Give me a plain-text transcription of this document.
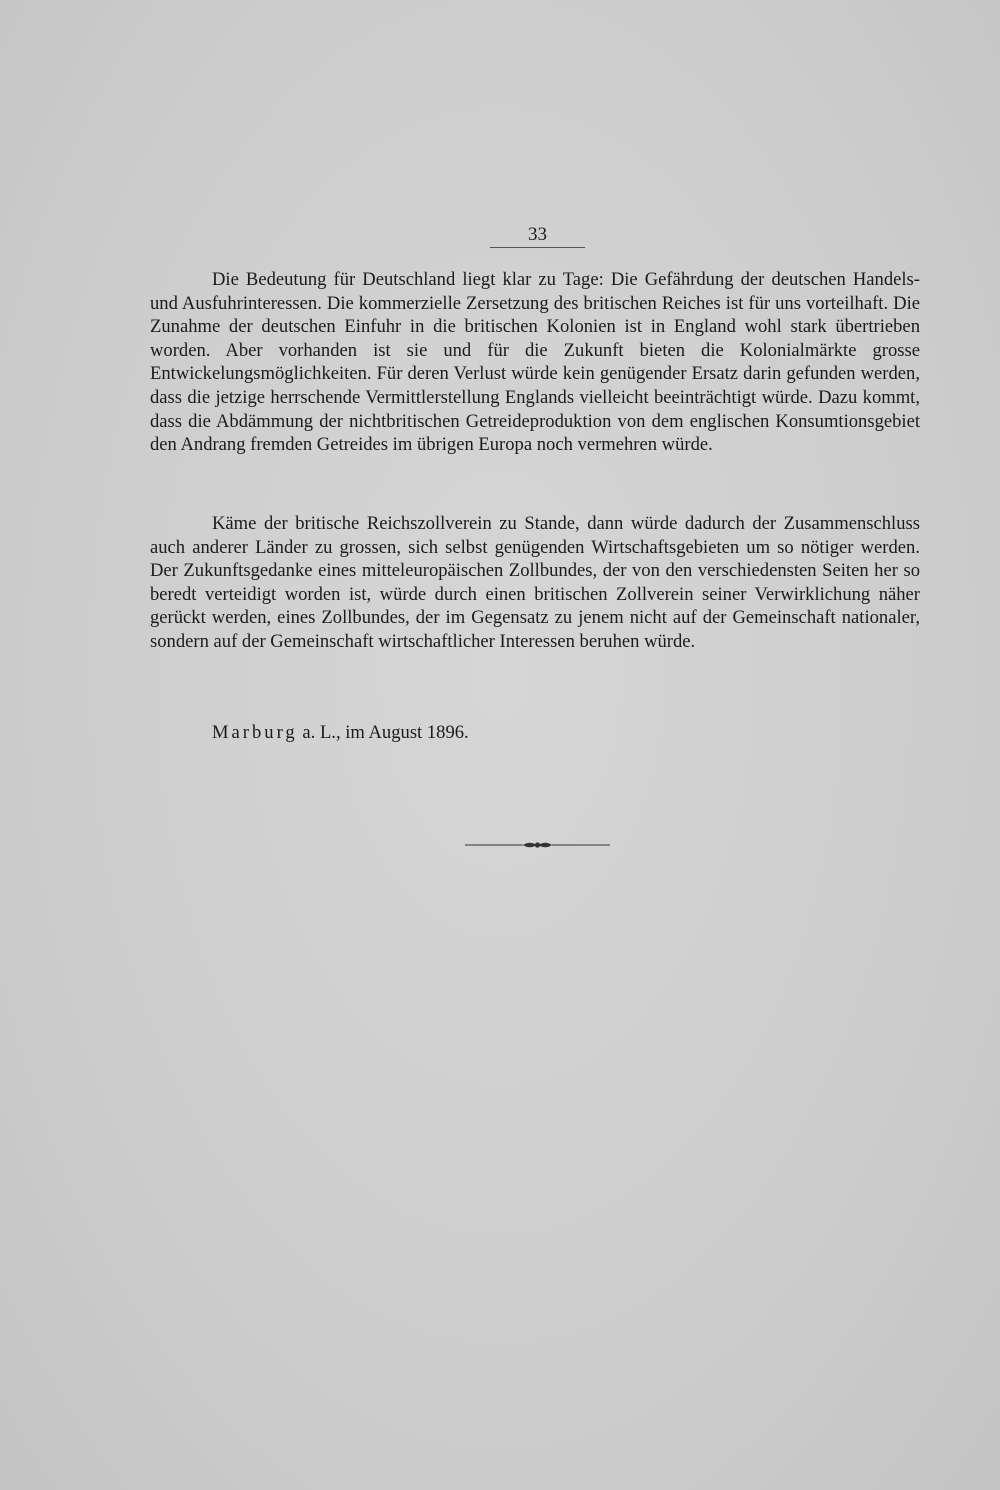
33

Die Bedeutung für Deutschland liegt klar zu Tage: Die Gefährdung der deutschen Handels- und Ausfuhrinteressen. Die kommerzielle Zersetzung des britischen Reiches ist für uns vorteilhaft. Die Zunahme der deutschen Einfuhr in die britischen Kolonien ist in England wohl stark übertrieben worden. Aber vorhanden ist sie und für die Zukunft bieten die Kolonialmärkte grosse Entwickelungsmöglichkeiten. Für deren Verlust würde kein genügender Ersatz darin gefunden werden, dass die jetzige herrschende Vermittlerstellung Englands vielleicht beeinträchtigt würde. Dazu kommt, dass die Abdämmung der nichtbritischen Getreideproduktion von dem englischen Konsumtionsgebiet den Andrang fremden Getreides im übrigen Europa noch vermehren würde.

Käme der britische Reichszollverein zu Stande, dann würde dadurch der Zusammenschluss auch anderer Länder zu grossen, sich selbst genügenden Wirtschaftsgebieten um so nötiger werden. Der Zukunftsgedanke eines mitteleuropäischen Zollbundes, der von den verschiedensten Seiten her so beredt verteidigt worden ist, würde durch einen britischen Zollverein seiner Verwirklichung näher gerückt werden, eines Zollbundes, der im Gegensatz zu jenem nicht auf der Gemeinschaft nationaler, sondern auf der Gemeinschaft wirtschaftlicher Interessen beruhen würde.

Marburg a. L., im August 1896.
